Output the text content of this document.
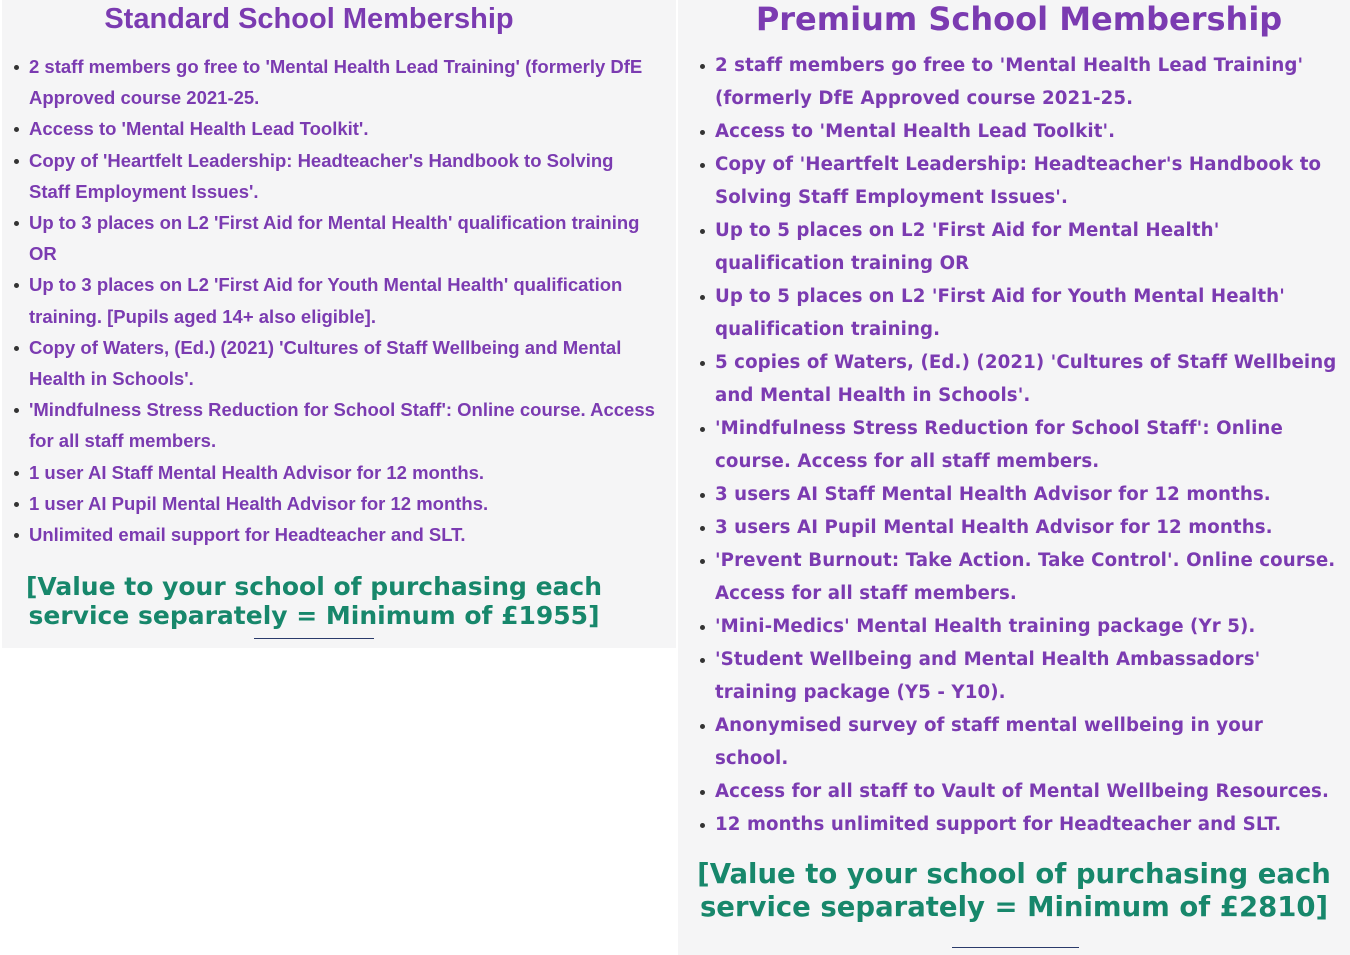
Standard School Membership
2 staff members go free to 'Mental Health Lead Training' (formerly DfE Approved course 2021-25.
Access to 'Mental Health Lead Toolkit'.
Copy of 'Heartfelt Leadership: Headteacher's Handbook to Solving Staff Employment Issues'.
Up to 3 places on L2 'First Aid for Mental Health' qualification training OR
Up to 3 places on L2 'First Aid for Youth Mental Health' qualification training. [Pupils aged 14+ also eligible].
Copy of Waters, (Ed.) (2021) 'Cultures of Staff Wellbeing and Mental Health in Schools'.
'Mindfulness Stress Reduction for School Staff': Online course. Access for all staff members.
1 user AI Staff Mental Health Advisor for 12 months.
1 user AI Pupil Mental Health Advisor for 12 months.
Unlimited email support for Headteacher and SLT.

[Value to your school of purchasing each service separately = Minimum of £1955]

Premium School Membership
2 staff members go free to 'Mental Health Lead Training' (formerly DfE Approved course 2021-25.
Access to 'Mental Health Lead Toolkit'.
Copy of 'Heartfelt Leadership: Headteacher's Handbook to Solving Staff Employment Issues'.
Up to 5 places on L2 'First Aid for Mental Health' qualification training OR
Up to 5 places on L2 'First Aid for Youth Mental Health' qualification training.
5 copies of Waters, (Ed.) (2021) 'Cultures of Staff Wellbeing and Mental Health in Schools'.
'Mindfulness Stress Reduction for School Staff': Online course. Access for all staff members.
3 users AI Staff Mental Health Advisor for 12 months.
3 users AI Pupil Mental Health Advisor for 12 months.
'Prevent Burnout: Take Action. Take Control'. Online course. Access for all staff members.
'Mini-Medics' Mental Health training package (Yr 5).
'Student Wellbeing and Mental Health Ambassadors' training package (Y5 - Y10).
Anonymised survey of staff mental wellbeing in your school.
Access for all staff to Vault of Mental Wellbeing Resources.
12 months unlimited support for Headteacher and SLT.

[Value to your school of purchasing each service separately = Minimum of £2810]
